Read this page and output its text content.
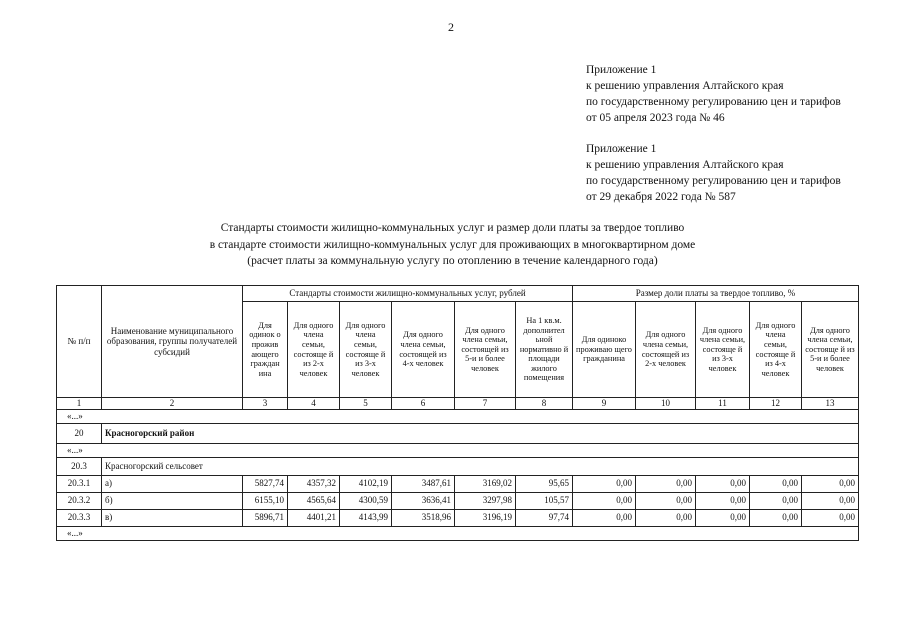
2
Приложение 1
к решению управления Алтайского края
по государственному регулированию цен и тарифов
от 05 апреля 2023 года № 46
Приложение 1
к решению управления Алтайского края
по государственному регулированию цен и тарифов
от 29 декабря 2022 года № 587
Стандарты стоимости жилищно-коммунальных услуг и размер доли платы за твердое топливо
в стандарте стоимости жилищно-коммунальных услуг для проживающих в многоквартирном доме
(расчет платы за коммунальную услугу по отоплению в течение календарного года)
№ п/п	Наименование муниципального образования, группы получателей субсидий	Стандарты стоимости жилищно-коммунальных услуг, рублей						Размер доли платы за твердое топливо, %				
		Для одинок о прожив ающего граждан ина	Для одного члена семьи, состояще й из 2-х человек	Для одного члена семьи, состояще й из 3-х человек	Для одного члена семьи, состоящей из 4-х человек	Для одного члена семьи, состоящей из 5-и и более человек	На 1 кв.м. дополнител ьной нормативно й площади жилого помещения	Для одиноко проживаю щего гражданина	Для одного члена семьи, состоящей из 2-х человек	Для одного члена семьи, состояще й из 3-х человек	Для одного члена семьи, состояще й из 4-х человек	Для одного члена семьи, состояще й из 5-и и более человек
1	2	3	4	5	6	7	8	9	10	11	12	13
«...»												
20	Красногорский район											
«...»												
20.3	Красногорский сельсовет											
20.3.1	а)	5827,74	4357,32	4102,19	3487,61	3169,02	95,65	0,00	0,00	0,00	0,00	0,00
20.3.2	б)	6155,10	4565,64	4300,59	3636,41	3297,98	105,57	0,00	0,00	0,00	0,00	0,00
20.3.3	в)	5896,71	4401,21	4143,99	3518,96	3196,19	97,74	0,00	0,00	0,00	0,00	0,00
«...»												
